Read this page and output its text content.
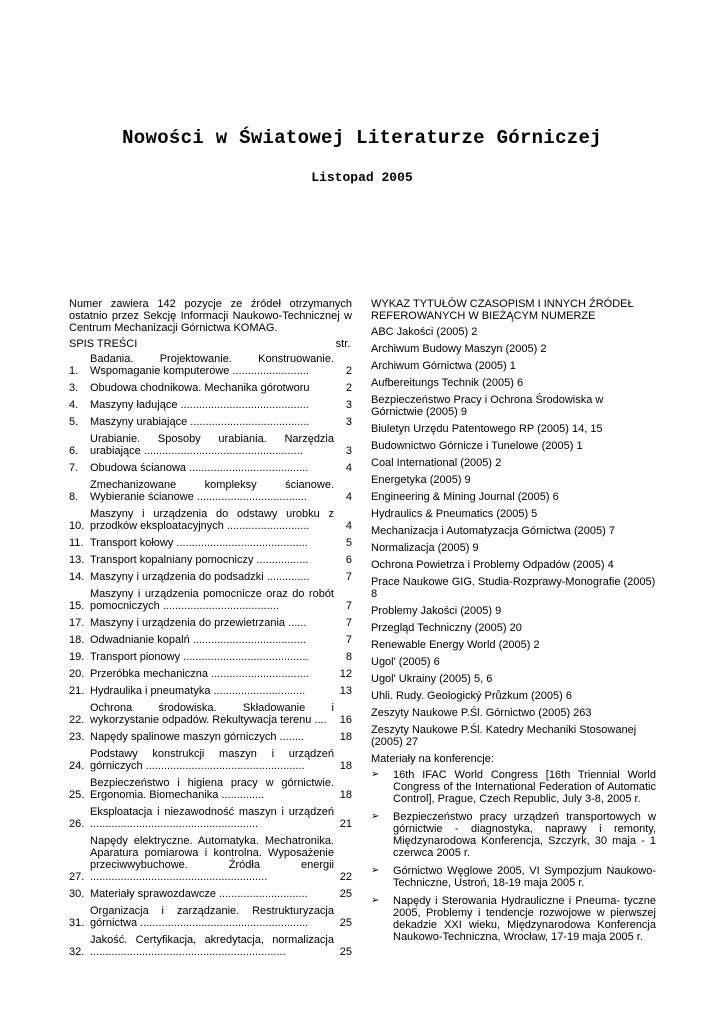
Nowości w Światowej Literaturze Górniczej
Listopad 2005

Numer zawiera 142 pozycje ze źródeł otrzymanych ostatnio przez Sekcję Informacji Naukowo-Technicznej w Centrum Mechanizacji Górnictwa KOMAG.

SPIS TREŚCI	str.
1.
Badania. Projektowanie. Konstruowanie. Wspomaganie komputerowe .........................	2
3.	Obudowa chodnikowa. Mechanika górotworu	2
4.	Maszyny ładujące ..........................................	3
5.	Maszyny urabiające .......................................	3
6.
Urabianie. Sposoby urabiania. Narzędzia urabiające ....................................................	3
7.	Obudowa ścianowa .......................................	4
8.
Zmechanizowane kompleksy ścianowe. Wybieranie ścianowe ....................................	4
10.
Maszyny i urządzenia do odstawy urobku z przodków eksploatacyjnych ...........................	4
11. Transport kołowy ...........................................	5
13. Transport kopalniany pomocniczy .................	6
14. Maszyny i urządzenia do podsadzki ..............	7
15.
Maszyny i urządzenia pomocnicze oraz do robót pomocniczych ......................................	7
17. Maszyny i urządzenia do przewietrzania ......	7
18. Odwadnianie kopalń .....................................	7
19. Transport pionowy .........................................	8
20. Przeróbka mechaniczna ................................	12
21. Hydraulika i pneumatyka ..............................	13
22.
Ochrona środowiska. Składowanie i wykorzystanie odpadów. Rekultywacja terenu ....	16
23. Napędy spalinowe maszyn górniczych ........	18
24.
Podstawy konstrukcji maszyn i urządzeń górniczych ....................................................	18
25.
Bezpieczeństwo i higiena pracy w górnictwie. Ergonomia. Biomechanika ..............	18
26.
Eksploatacja i niezawodność maszyn i urządzeń .......................................................	21
27.
Napędy elektryczne. Automatyka. Mechatronika. Aparatura pomiarowa i kontrolna. Wyposażenie przeciwwybuchowe. Źródła energii ..........................................................	22
30. Materiały sprawozdawcze .............................	25
31.
Organizacja i zarządzanie. Restrukturyzacja górnictwa .......................................................	25
32.
Jakość. Certyfikacja, akredytacja, normalizacja ................................................................	25
WYKAZ TYTUŁÓW CZASOPISM I INNYCH ŹRÓDEŁ REFEROWANYCH W BIEŻĄCYM NUMERZE
ABC Jakości (2005) 2
Archiwum Budowy Maszyn (2005) 2
Archiwum Górnictwa (2005) 1
Aufbereitungs Technik (2005) 6
Bezpieczeństwo Pracy i Ochrona Środowiska w Górnictwie (2005) 9
Biuletyn Urzędu Patentowego RP (2005) 14, 15
Budownictwo Górnicze i Tunelowe (2005) 1
Coal International (2005) 2
Energetyka (2005) 9
Engineering & Mining Journal (2005) 6
Hydraulics & Pneumatics (2005) 5
Mechanizacja i Automatyzacja Górnictwa (2005) 7
Normalizacja (2005) 9
Ochrona Powietrza i Problemy Odpadów (2005) 4
Prace Naukowe GIG. Studia-Rozprawy-Monografie (2005) 8
Problemy Jakości (2005) 9
Przegląd Techniczny (2005) 20
Renewable Energy World (2005) 2
Ugol' (2005) 6
Ugol' Ukrainy (2005) 5, 6
Uhli. Rudy. Geologický Průzkum (2005) 6
Zeszyty Naukowe P.Śl. Górnictwo (2005) 263
Zeszyty Naukowe P.Śl. Katedry Mechaniki Stosowanej (2005) 27
Materiały na konferencje:
➢	16th IFAC World Congress [16th Triennial World Congress of the International Federation of Automatic Control], Prague, Czech Republic, July 3-8, 2005 r.
➢	Bezpieczeństwo pracy urządzeń transportowych w górnictwie - diagnostyka, naprawy i remonty, Międzynarodowa Konferencja, Szczyrk, 30 maja - 1 czerwca 2005 r.
➢	Górnictwo Węglowe 2005, VI Sympozjum Naukowo-Techniczne, Ustroń, 18-19 maja 2005 r.
➢	Napędy i Sterowania Hydrauliczne i Pneuma- tyczne 2005, Problemy i tendencje rozwojowe w pierwszej dekadzie XXI wieku, Międzynarodowa Konferencja Naukowo-Techniczna, Wrocław, 17-19 maja 2005 r.
